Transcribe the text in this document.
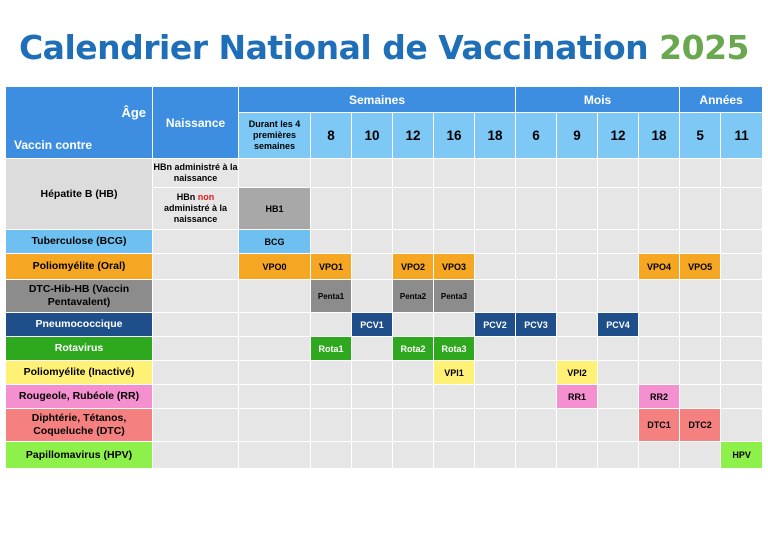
Calendrier National de Vaccination 2025
Âge
Vaccin contre	Naissance	Semaines						Mois				Années	
		Durant les 4 premières semaines	8	10	12	16	18	6	9	12	18	5	11
Hépatite B (HB)	HBn administré à la naissance												
	HBn non administré à la naissance	HB1											
Tuberculose (BCG)		BCG											
Poliomyélite (Oral)		VPO0	VPO1		VPO2	VPO3					VPO4	VPO5	
DTC-Hib-HB (Vaccin Pentavalent)			Penta1		Penta2	Penta3							
Pneumococcique				PCV1			PCV2	PCV3		PCV4			
Rotavirus			Rota1		Rota2	Rota3							
Poliomyélite (Inactivé)						VPI1			VPI2				
Rougeole, Rubéole (RR)									RR1		RR2		
Diphtérie, Tétanos, Coqueluche (DTC)											DTC1	DTC2	
Papillomavirus (HPV)													HPV
